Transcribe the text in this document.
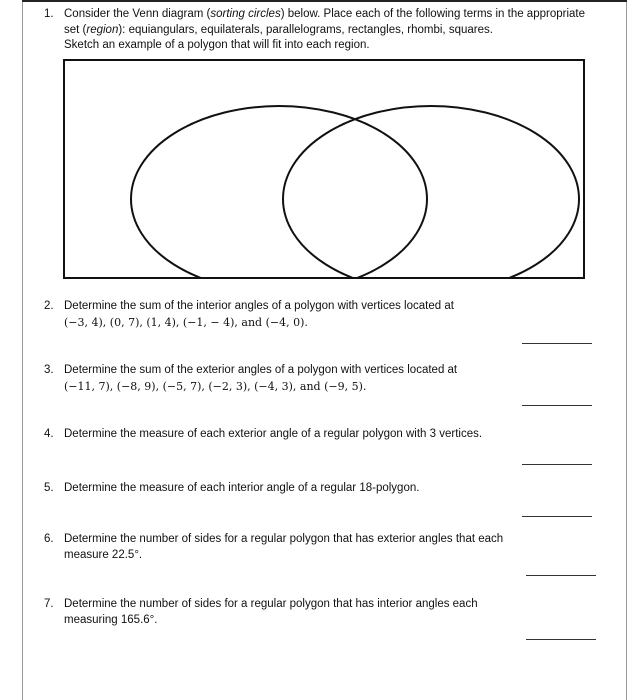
1. Consider the Venn diagram (sorting circles) below. Place each of the following terms in the appropriate
set (region): equiangulars, equilaterals, parallelograms, rectangles, rhombi, squares.
Sketch an example of a polygon that will fit into each region.
2. Determine the sum of the interior angles of a polygon with vertices located at
(−3, 4), (0, 7), (1, 4), (−1, − 4), and (−4, 0).
3. Determine the sum of the exterior angles of a polygon with vertices located at
(−11, 7), (−8, 9), (−5, 7), (−2, 3), (−4, 3), and (−9, 5).
4. Determine the measure of each exterior angle of a regular polygon with 3 vertices.
5. Determine the measure of each interior angle of a regular 18-polygon.
6. Determine the number of sides for a regular polygon that has exterior angles that each
measure 22.5°.
7. Determine the number of sides for a regular polygon that has interior angles each
measuring 165.6°.
